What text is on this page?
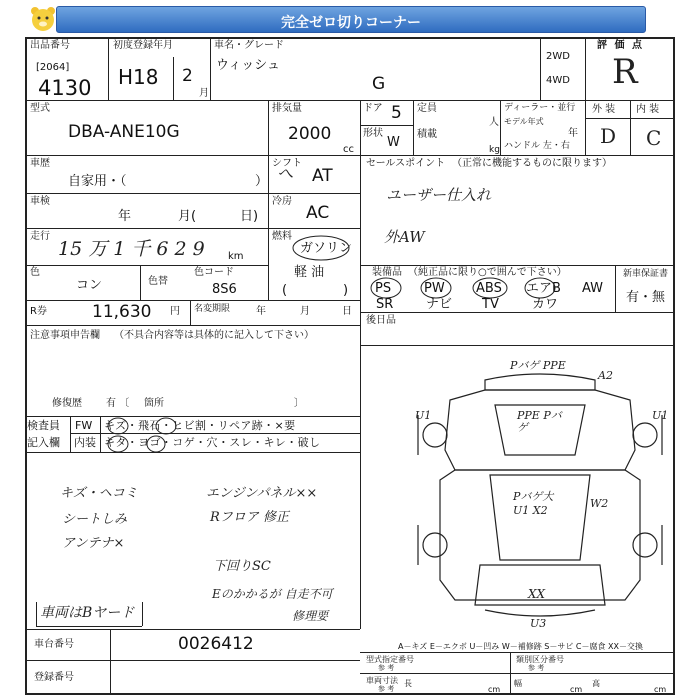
完全ゼロ切りコーナー
出品番号
[2064]
4130
初度登録年月
H18 2
月
車名・グレード
ウィッシュ
G
2WD
4WD
評 価 点
R
型式
DBA-ANE10G
排気量
2000
cc
ドア 5
形状
W
定員
人
積載
kg
ディーラー・並行
モデル年式
年
ハンドル 左・右
外 装 内 装
D C
車歴
自家用・（	）
車検
年	月(	日)
走行
15 万 1 千 6 2 9 km
色
コン	色替
色コード
8S6
シフト
へ AT
冷房
AC
燃料
ガソリン
軽 油
(	)
R券	11,630 円 名変期限	年	月	日
注意事項申告欄 （不具合内容等は具体的に記入して下さい）
修復歴 有 〔 箇所	〕
検査員
記入欄
FW キズ・飛石・ヒビ割・リペア跡・×要
内装 キタ・ヨゴ・コゲ・穴・スレ・キレ・破し
キズ・ヘコミ
シートしみ
アンテナ×
エンジンパネル××
Rフロア 修正
下回りSC
Eのかかるが 自走不可
修理要
車両はBヤード
セールスポイント （正常に機能するものに限ります）
ユーザー仕入れ
外AW
装備品 （純正品に限り○で囲んで下さい）
PS	PW ABS エアB AW
SR	ナビ TV	カワ
新車保証書
有・無
後日品
Pバゲ PPE
A2
U1	PPE Pバゲ
U1
Pバゲ大 U1 X2
W2
XX
U3
A－キズ E－エクボ U－凹み W－補修跡 S－サビ C－腐食 XX－交換
車台番号	0026412
登録番号
型式指定番号
参 考
類別区分番号
参 考
車両寸法
参 考
長
cm
幅
cm
高
cm
